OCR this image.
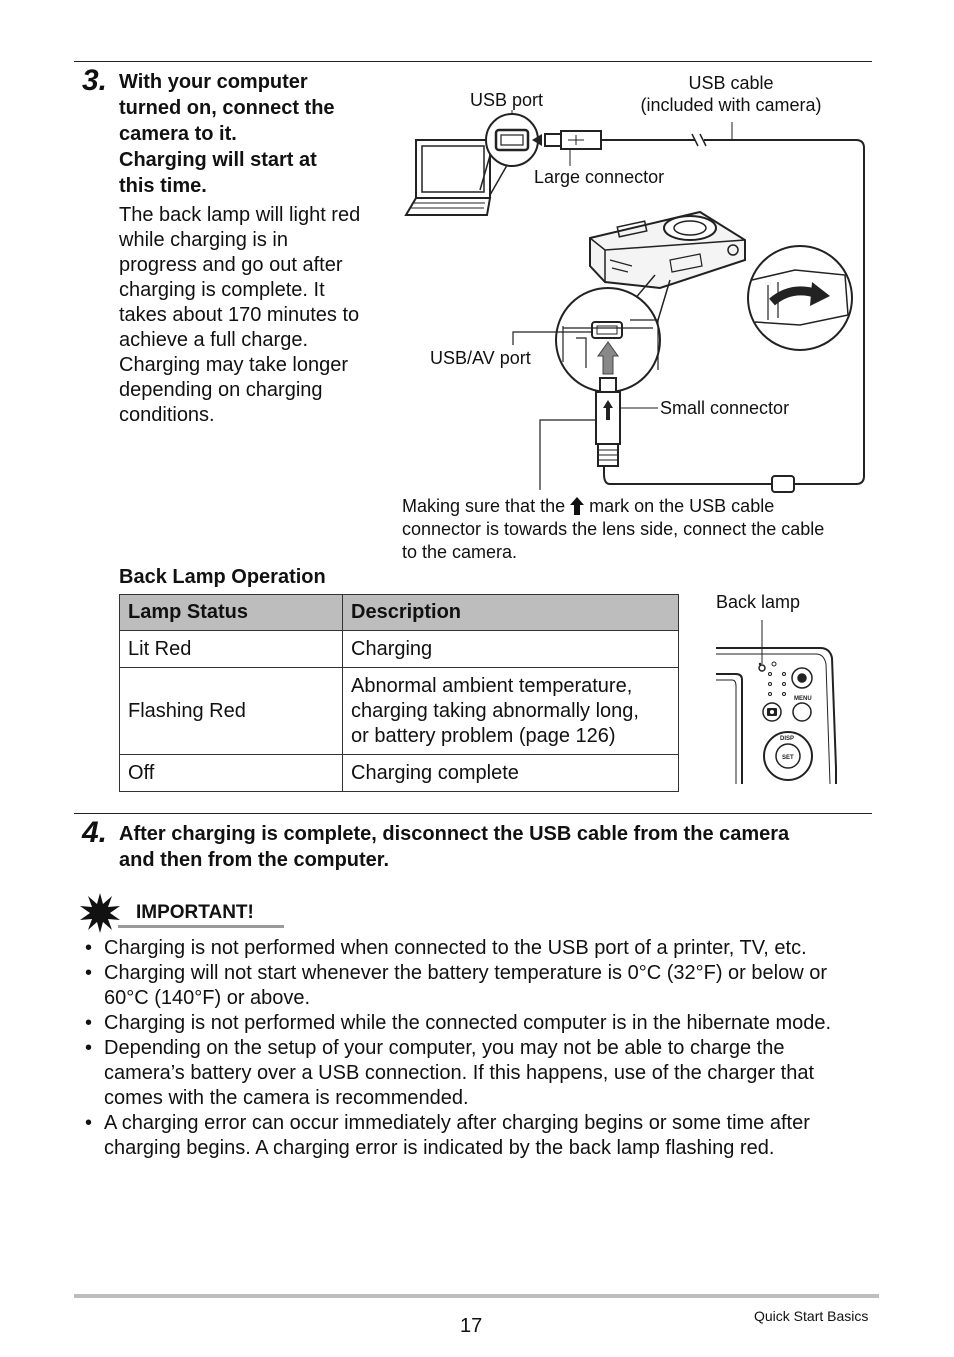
3. With your computer
turned on, connect the
camera to it.
Charging will start at
this time.
The back lamp will light red
while charging is in
progress and go out after
charging is complete. It
takes about 170 minutes to
achieve a full charge.
Charging may take longer
depending on charging
conditions.
USB port
USB cable
(included with camera)
Large connector
USB/AV port
Small connector
Making sure that the mark on the USB cable
connector is towards the lens side, connect the cable
to the camera.
Back Lamp Operation
Lamp Status	Description
Lit Red	Charging
Flashing Red	Abnormal ambient temperature,
charging taking abnormally long,
or battery problem (page 126)

Off	Charging complete
Back lamp
MENU
DISP
SET
4. After charging is complete, disconnect the USB cable from the camera
and then from the computer.
IMPORTANT!
• Charging is not performed when connected to the USB port of a printer, TV, etc.
• Charging will not start whenever the battery temperature is 0°C (32°F) or below or
60°C (140°F) or above.
• Charging is not performed while the connected computer is in the hibernate mode.
• Depending on the setup of your computer, you may not be able to charge the
camera’s battery over a USB connection. If this happens, use of the charger that
comes with the camera is recommended.
• A charging error can occur immediately after charging begins or some time after
charging begins. A charging error is indicated by the back lamp flashing red.
17	Quick Start Basics
